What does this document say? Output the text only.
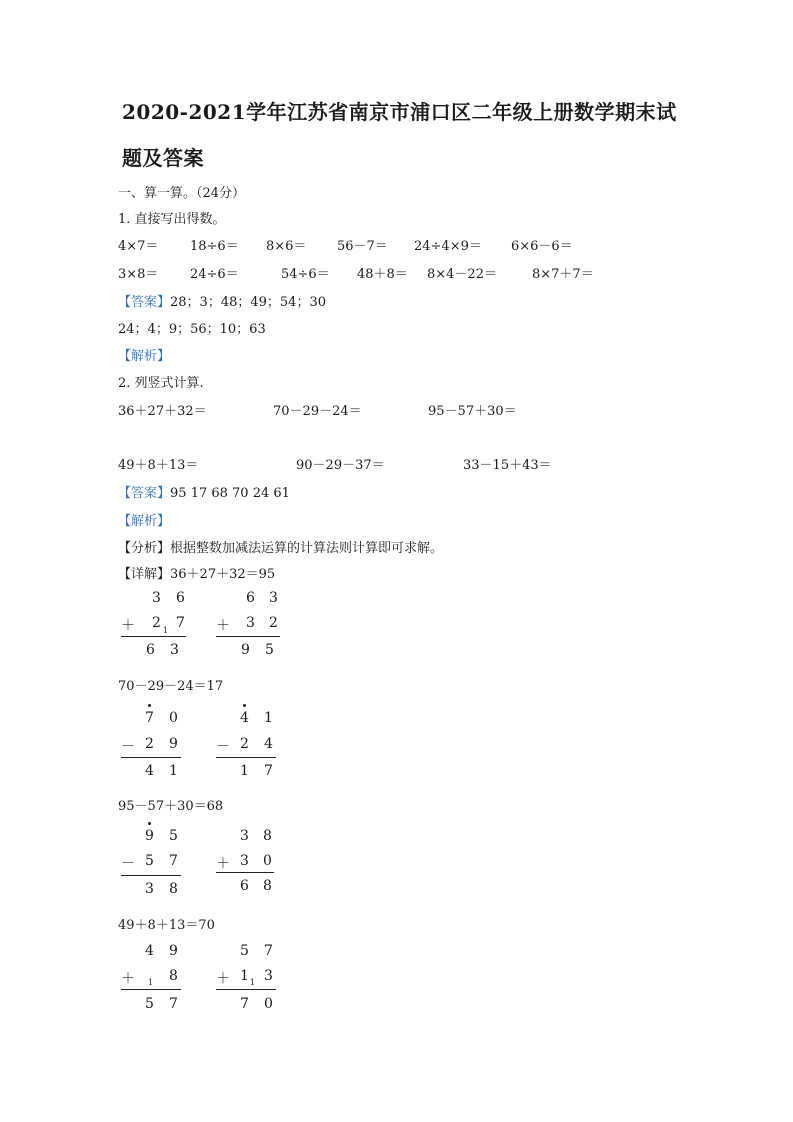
2020-2021学年江苏省南京市浦口区二年级上册数学期末试
题及答案
一、算一算。（24分）
1. 直接写出得数。
4×7＝ 18÷6＝ 8×6＝ 56－7＝ 24÷4×9＝ 6×6－6＝
3×8＝ 24÷6＝	54÷6＝ 48＋8＝ 8×4－22＝	8×7＋7＝
【答案】28；3；48；49；54；30
24；4；9；56；10；63
【解析】
2. 列竖式计算.
36＋27＋32＝	70－29－24＝	95－57＋30＝
49＋8＋13＝	90－29－37＝	33－15＋43＝
【答案】95 17 68 70 24 61
【解析】
【分析】根据整数加减法运算的计算法则计算即可求解。
【详解】36＋27＋32＝95
3 6
＋ 2 1 7
6 3
6 3
＋ 3 2
9 5
70－29－24＝17
7 0
－ 2 9
4 1
4 1
－ 2 4
1 7
95－57＋30＝68
9 5
－ 5 7
3 8
3 8
＋ 3 0
6 8
49＋8＋13＝70
4 9
＋ 1 8
5 7
5 7
＋ 1 1 3
7 0
